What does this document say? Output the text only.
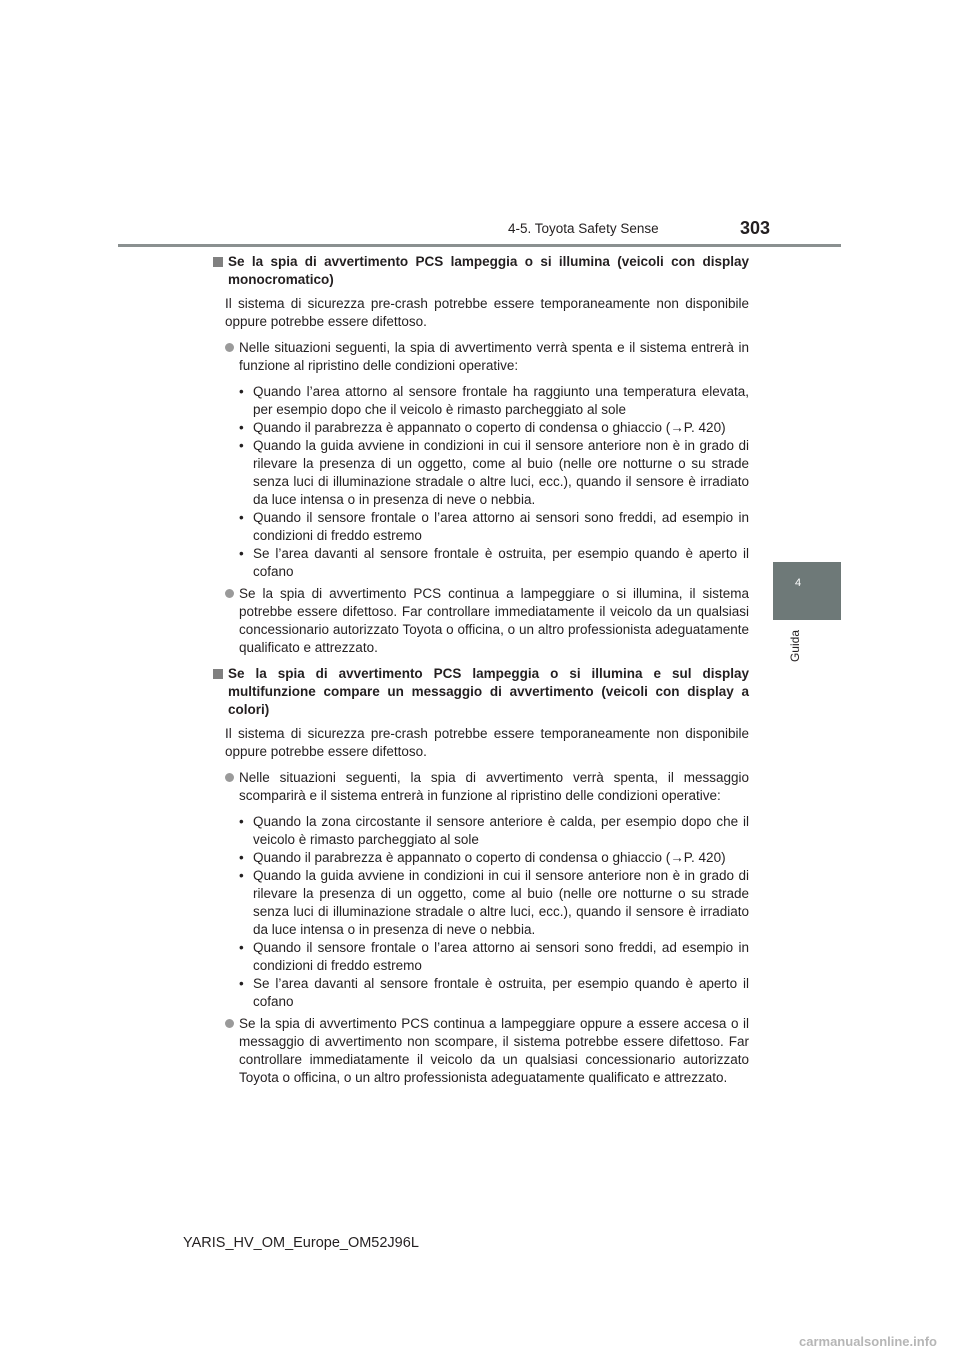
4-5. Toyota Safety Sense	303
4
Guida
Se la spia di avvertimento PCS lampeggia o si illumina (veicoli con display monocromatico)
Il sistema di sicurezza pre-crash potrebbe essere temporaneamente non disponibile oppure potrebbe essere difettoso.
Nelle situazioni seguenti, la spia di avvertimento verrà spenta e il sistema entrerà in funzione al ripristino delle condizioni operative:
• Quando l’area attorno al sensore frontale ha raggiunto una temperatura elevata, per esempio dopo che il veicolo è rimasto parcheggiato al sole
• Quando il parabrezza è appannato o coperto di condensa o ghiaccio (→P. 420)
• Quando la guida avviene in condizioni in cui il sensore anteriore non è in grado di rilevare la presenza di un oggetto, come al buio (nelle ore notturne o su strade senza luci di illuminazione stradale o altre luci, ecc.), quando il sensore è irradiato da luce intensa o in presenza di neve o nebbia.
• Quando il sensore frontale o l’area attorno ai sensori sono freddi, ad esempio in condizioni di freddo estremo
• Se l’area davanti al sensore frontale è ostruita, per esempio quando è aperto il cofano
Se la spia di avvertimento PCS continua a lampeggiare o si illumina, il sistema potrebbe essere difettoso. Far controllare immediatamente il veicolo da un qualsiasi concessionario autorizzato Toyota o officina, o un altro professionista adeguatamente qualificato e attrezzato.
Se la spia di avvertimento PCS lampeggia o si illumina e sul display multifunzione compare un messaggio di avvertimento (veicoli con display a colori)
Il sistema di sicurezza pre-crash potrebbe essere temporaneamente non disponibile oppure potrebbe essere difettoso.
Nelle situazioni seguenti, la spia di avvertimento verrà spenta, il messaggio scomparirà e il sistema entrerà in funzione al ripristino delle condizioni operative:
• Quando la zona circostante il sensore anteriore è calda, per esempio dopo che il veicolo è rimasto parcheggiato al sole
• Quando il parabrezza è appannato o coperto di condensa o ghiaccio (→P. 420)
• Quando la guida avviene in condizioni in cui il sensore anteriore non è in grado di rilevare la presenza di un oggetto, come al buio (nelle ore notturne o su strade senza luci di illuminazione stradale o altre luci, ecc.), quando il sensore è irradiato da luce intensa o in presenza di neve o nebbia.
• Quando il sensore frontale o l’area attorno ai sensori sono freddi, ad esempio in condizioni di freddo estremo
• Se l’area davanti al sensore frontale è ostruita, per esempio quando è aperto il cofano
Se la spia di avvertimento PCS continua a lampeggiare oppure a essere accesa o il messaggio di avvertimento non scompare, il sistema potrebbe essere difettoso. Far controllare immediatamente il veicolo da un qualsiasi concessionario autorizzato Toyota o officina, o un altro professionista adeguatamente qualificato e attrezzato.
YARIS_HV_OM_Europe_OM52J96L
carmanualsonline.info
